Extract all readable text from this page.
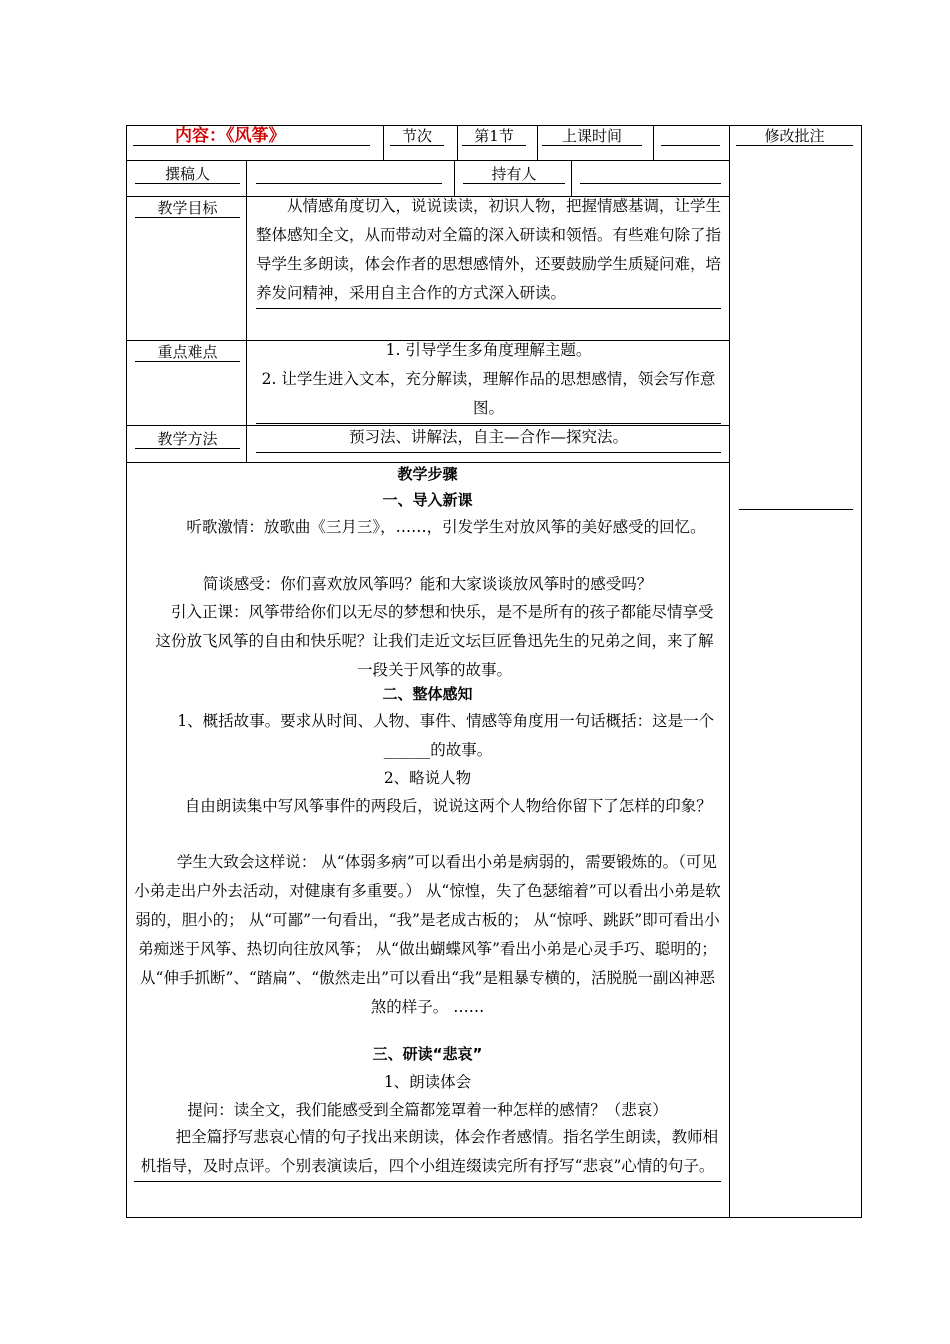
内容：《风筝》	节次	第1节	上课时间	修改批注
撰稿人	持有人
教学目标	从情感角度切入，说说读读，初识人物，把握情感基调，让学生整体感知全文，从而带动对全篇的深入研读和领悟。有些难句除了指导学生多朗读，体会作者的思想感情外，还要鼓励学生质疑问难，培养发问精神，采用自主合作的方式深入研读。
重点难点	1. 引导学生多角度理解主题。
2. 让学生进入文本，充分解读，理解作品的思想感情，领会写作意图。
教学方法	预习法、讲解法，自主—合作—探究法。
教学步骤
一、导入新课
听歌激情：放歌曲《三月三》，……，引发学生对放风筝的美好感受的回忆。
简谈感受：你们喜欢放风筝吗？能和大家谈谈放风筝时的感受吗？
引入正课：风筝带给你们以无尽的梦想和快乐，是不是所有的孩子都能尽情享受这份放飞风筝的自由和快乐呢？让我们走近文坛巨匠鲁迅先生的兄弟之间，来了解一段关于风筝的故事。
二、整体感知
1、概括故事。要求从时间、人物、事件、情感等角度用一句话概括：这是一个______的故事。
2、略说人物
自由朗读集中写风筝事件的两段后，说说这两个人物给你留下了怎样的印象？
学生大致会这样说： 从“体弱多病”可以看出小弟是病弱的，需要锻炼的。（可见小弟走出户外去活动，对健康有多重要。） 从“惊惶，失了色瑟缩着”可以看出小弟是软弱的，胆小的； 从“可鄙”一句看出，“我”是老成古板的； 从“惊呼、跳跃”即可看出小弟痴迷于风筝、热切向往放风筝； 从“做出蝴蝶风筝”看出小弟是心灵手巧、聪明的； 从“伸手抓断”、“踏扁”、“傲然走出”可以看出“我”是粗暴专横的，活脱脱一副凶神恶煞的样子。 ……
三、研读“悲哀”
1、朗读体会
提问：读全文，我们能感受到全篇都笼罩着一种怎样的感情？（悲哀）
把全篇抒写悲哀心情的句子找出来朗读，体会作者感情。指名学生朗读，教师相机指导，及时点评。个别表演读后，四个小组连缀读完所有抒写“悲哀”心情的句子。
